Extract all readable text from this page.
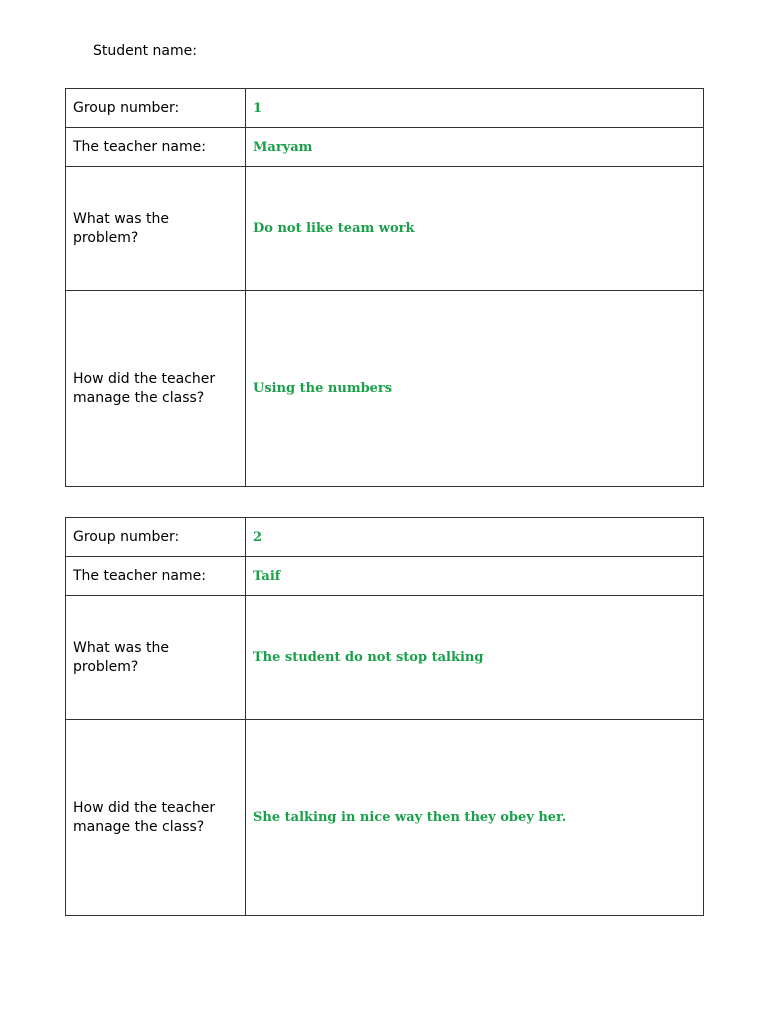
Student name:

Group number:	1
The teacher name:	Maryam
What was the problem?	Do not like team work
How did the teacher manage the class?	Using the numbers
Group number:	2
The teacher name:	Taif
What was the problem?	The student do not stop talking
How did the teacher manage the class?	She talking in nice way then they obey her.
